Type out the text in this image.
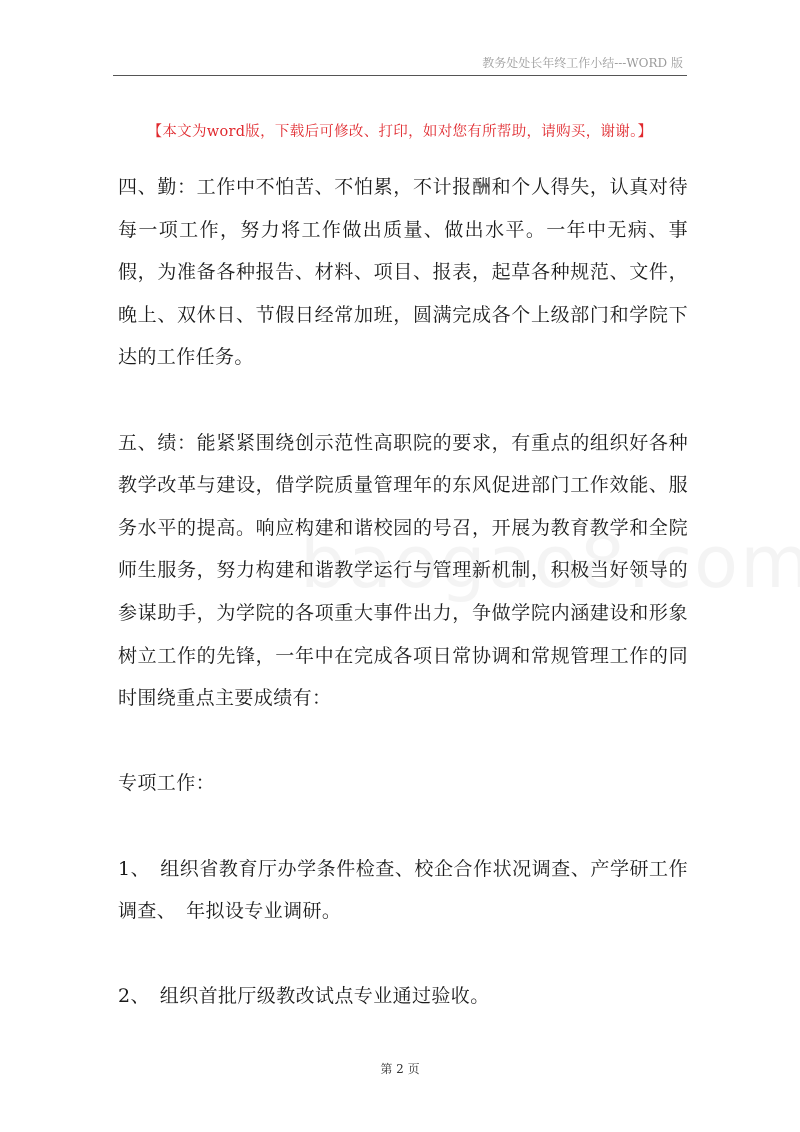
教务处处长年终工作小结---WORD 版
【本文为word版，下载后可修改、打印，如对您有所帮助，请购买，谢谢。】

四、勤：工作中不怕苦、不怕累，不计报酬和个人得失，认真对待每一项工作，努力将工作做出质量、做出水平。一年中无病、事假，为准备各种报告、材料、项目、报表，起草各种规范、文件，晚上、双休日、节假日经常加班，圆满完成各个上级部门和学院下达的工作任务。

五、绩：能紧紧围绕创示范性高职院的要求，有重点的组织好各种教学改革与建设，借学院质量管理年的东风促进部门工作效能、服务水平的提高。响应构建和谐校园的号召，开展为教育教学和全院师生服务，努力构建和谐教学运行与管理新机制，积极当好领导的参谋助手，为学院的各项重大事件出力，争做学院内涵建设和形象树立工作的先锋，一年中在完成各项日常协调和常规管理工作的同时围绕重点主要成绩有：

专项工作：

1、　组织省教育厅办学条件检查、校企合作状况调查、产学研工作调查、　年拟设专业调研。

2、　组织首批厅级教改试点专业通过验收。

第 2 页
